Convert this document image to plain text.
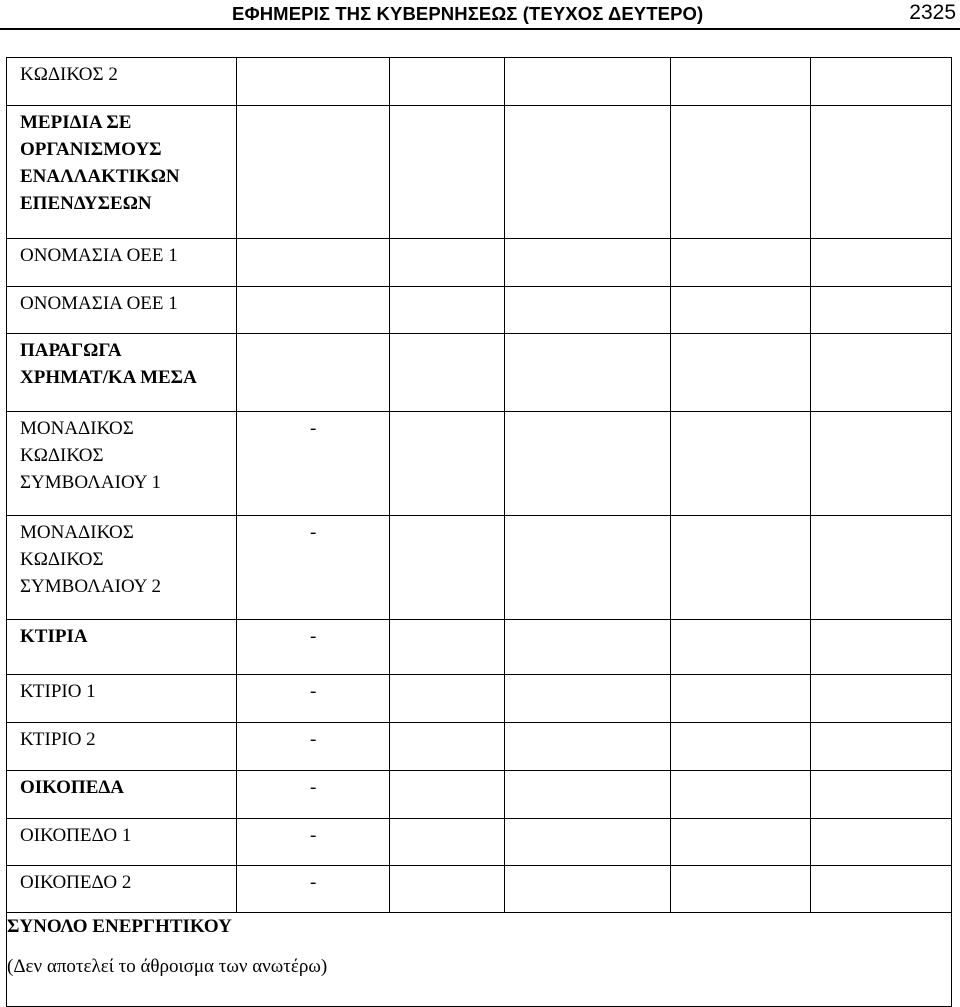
ΕΦΗΜΕΡΙΣ ΤΗΣ ΚΥΒΕΡΝΗΣΕΩΣ (ΤΕΥΧΟΣ ΔΕΥΤΕΡΟ)	2325
ΚΩΔΙΚΟΣ 2					

ΜΕΡΙΔΙΑ ΣΕ
ΟΡΓΑΝΙΣΜΟΥΣ
ΕΝΑΛΛΑΚΤΙΚΩΝ
ΕΠΕΝΔΥΣΕΩΝ					

ΟΝΟΜΑΣΙΑ ΟΕΕ 1					
ΟΝΟΜΑΣΙΑ ΟΕΕ 1					

ΠΑΡΑΓΩΓΑ
ΧΡΗΜΑΤ/ΚΑ ΜΕΣΑ					

ΜΟΝΑΔΙΚΟΣ
ΚΩΔΙΚΟΣ
ΣΥΜΒΟΛΑΙΟΥ 1	-				

ΜΟΝΑΔΙΚΟΣ
ΚΩΔΙΚΟΣ
ΣΥΜΒΟΛΑΙΟΥ 2	-				
ΚΤΙΡΙΑ	-				
ΚΤΙΡΙΟ 1	-				
ΚΤΙΡΙΟ 2	-				
ΟΙΚΟΠΕΔΑ	-				
ΟΙΚΟΠΕΔΟ 1	-				
ΟΙΚΟΠΕΔΟ 2	-				

ΣΥΝΟΛΟ ΕΝΕΡΓΗΤΙΚΟΥ
(Δεν αποτελεί το άθροισμα των ανωτέρω)					
